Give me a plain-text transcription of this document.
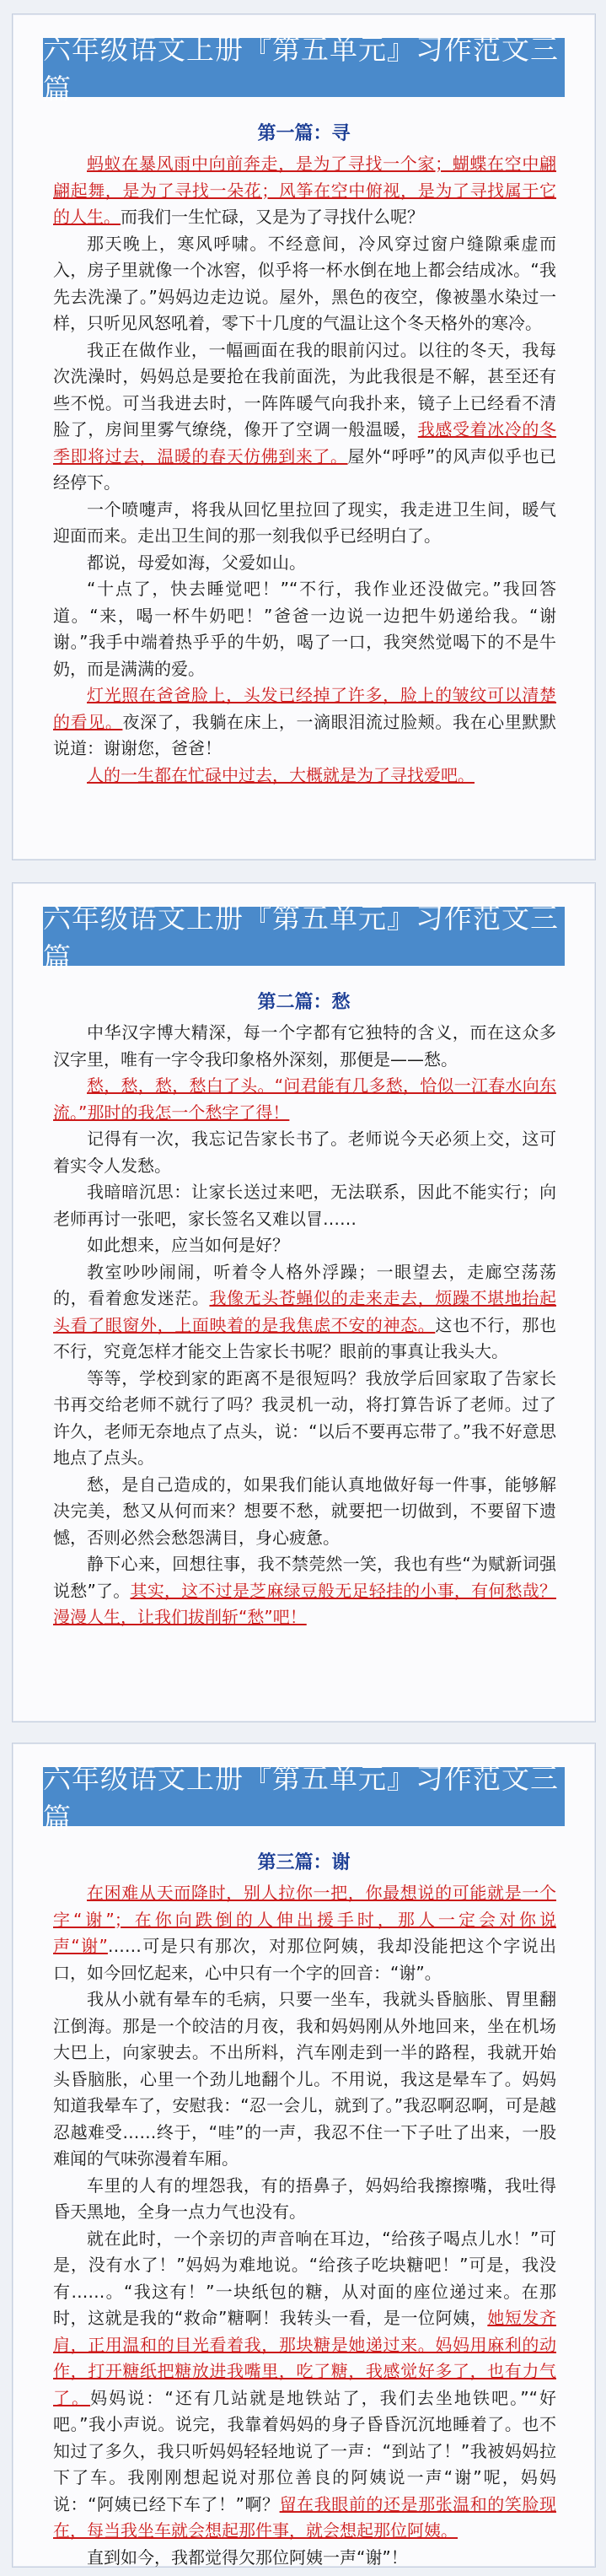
六年级语文上册『第五单元』习作范文三篇
第一篇：寻

蚂蚁在暴风雨中向前奔走，是为了寻找一个家；蝴蝶在空中翩翩起舞，是为了寻找一朵花；风筝在空中俯视，是为了寻找属于它的人生。而我们一生忙碌，又是为了寻找什么呢？

那天晚上，寒风呼啸。不经意间，冷风穿过窗户缝隙乘虚而入，房子里就像一个冰窖，似乎将一杯水倒在地上都会结成冰。“我先去洗澡了。”妈妈边走边说。屋外，黑色的夜空，像被墨水染过一样，只听见风怒吼着，零下十几度的气温让这个冬天格外的寒冷。

我正在做作业，一幅画面在我的眼前闪过。以往的冬天，我每次洗澡时，妈妈总是要抢在我前面洗，为此我很是不解，甚至还有些不悦。可当我进去时，一阵阵暖气向我扑来，镜子上已经看不清脸了，房间里雾气缭绕，像开了空调一般温暖，我感受着冰冷的冬季即将过去，温暖的春天仿佛到来了。屋外“呼呼”的风声似乎也已经停下。

一个喷嚏声，将我从回忆里拉回了现实，我走进卫生间，暖气迎面而来。走出卫生间的那一刻我似乎已经明白了。

都说，母爱如海，父爱如山。

“十点了，快去睡觉吧！”“不行，我作业还没做完。”我回答道。“来，喝一杯牛奶吧！”爸爸一边说一边把牛奶递给我。“谢谢。”我手中端着热乎乎的牛奶，喝了一口，我突然觉喝下的不是牛奶，而是满满的爱。

灯光照在爸爸脸上，头发已经掉了许多，脸上的皱纹可以清楚的看见。夜深了，我躺在床上，一滴眼泪流过脸颊。我在心里默默说道：谢谢您，爸爸！

人的一生都在忙碌中过去，大概就是为了寻找爱吧。

六年级语文上册『第五单元』习作范文三篇
第二篇：愁

中华汉字博大精深，每一个字都有它独特的含义，而在这众多汉字里，唯有一字令我印象格外深刻，那便是——愁。

愁，愁，愁，愁白了头。“问君能有几多愁，恰似一江春水向东流。”那时的我怎一个愁字了得！

记得有一次，我忘记告家长书了。老师说今天必须上交，这可着实令人发愁。

我暗暗沉思：让家长送过来吧，无法联系，因此不能实行；向老师再讨一张吧，家长签名又难以冒……

如此想来，应当如何是好？

教室吵吵闹闹，听着令人格外浮躁；一眼望去，走廊空荡荡的，看着愈发迷茫。我像无头苍蝇似的走来走去，烦躁不堪地抬起头看了眼窗外，上面映着的是我焦虑不安的神态。这也不行，那也不行，究竟怎样才能交上告家长书呢？眼前的事真让我头大。

等等，学校到家的距离不是很短吗？我放学后回家取了告家长书再交给老师不就行了吗？我灵机一动，将打算告诉了老师。过了许久，老师无奈地点了点头，说：“以后不要再忘带了。”我不好意思地点了点头。

愁，是自己造成的，如果我们能认真地做好每一件事，能够解决完美，愁又从何而来？想要不愁，就要把一切做到，不要留下遗憾，否则必然会愁怨满目，身心疲惫。

静下心来，回想往事，我不禁莞然一笑，我也有些“为赋新词强说愁”了。其实，这不过是芝麻绿豆般无足轻挂的小事，有何愁哉？漫漫人生，让我们拔削斩“愁”吧！

六年级语文上册『第五单元』习作范文三篇
第三篇：谢

在困难从天而降时，别人拉你一把，你最想说的可能就是一个字“谢”；在你向跌倒的人伸出援手时，那人一定会对你说声“谢”……可是只有那次，对那位阿姨，我却没能把这个字说出口，如今回忆起来，心中只有一个字的回音：“谢”。

我从小就有晕车的毛病，只要一坐车，我就头昏脑胀、胃里翻江倒海。那是一个皎洁的月夜，我和妈妈刚从外地回来，坐在机场大巴上，向家驶去。不出所料，汽车刚走到一半的路程，我就开始头昏脑胀，心里一个劲儿地翻个儿。不用说，我这是晕车了。妈妈知道我晕车了，安慰我：“忍一会儿，就到了。”我忍啊忍啊，可是越忍越难受……终于，“哇”的一声，我忍不住一下子吐了出来，一股难闻的气味弥漫着车厢。

车里的人有的埋怨我，有的捂鼻子，妈妈给我擦擦嘴，我吐得昏天黑地，全身一点力气也没有。

就在此时，一个亲切的声音响在耳边，“给孩子喝点儿水！”可是，没有水了！”妈妈为难地说。“给孩子吃块糖吧！”可是，我没有……。“我这有！”一块纸包的糖，从对面的座位递过来。在那时，这就是我的“救命”糖啊！我转头一看，是一位阿姨，她短发齐肩，正用温和的目光看着我，那块糖是她递过来。妈妈用麻利的动作，打开糖纸把糖放进我嘴里，吃了糖，我感觉好多了，也有力气了。妈妈说：“还有几站就是地铁站了，我们去坐地铁吧。”“好吧。”我小声说。说完，我靠着妈妈的身子昏昏沉沉地睡着了。也不知过了多久，我只听妈妈轻轻地说了一声：“到站了！”我被妈妈拉下了车。我刚刚想起说对那位善良的阿姨说一声“谢”呢，妈妈说：“阿姨已经下车了！”啊？留在我眼前的还是那张温和的笑脸现在，每当我坐车就会想起那件事，就会想起那位阿姨。

直到如今，我都觉得欠那位阿姨一声“谢”！
